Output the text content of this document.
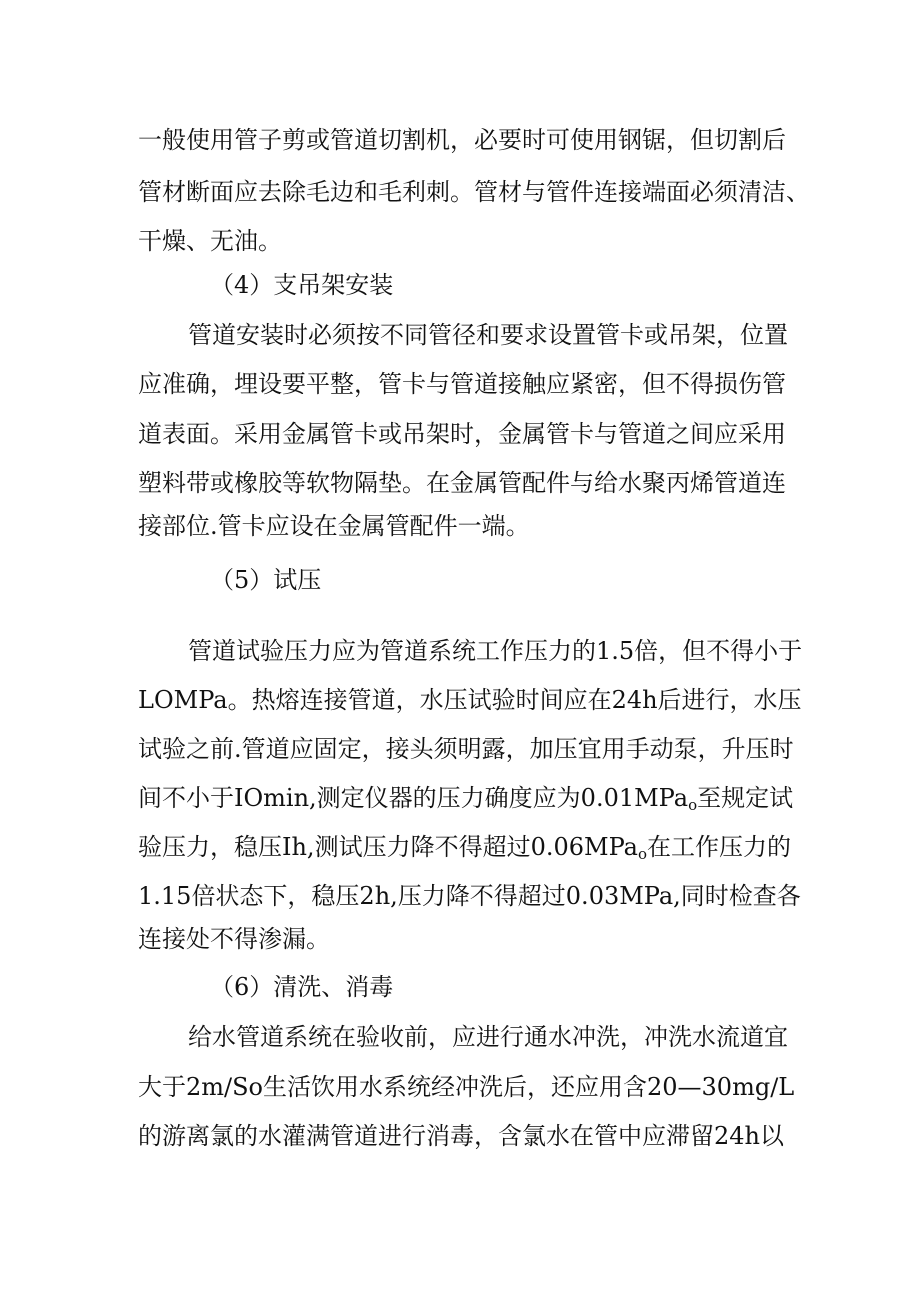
一般使用管子剪或管道切割机，必要时可使用钢锯，但切割后

管材断面应去除毛边和毛利刺。管材与管件连接端面必须清洁、

干燥、无油。

（4）支吊架安装

管道安装时必须按不同管径和要求设置管卡或吊架，位置

应准确，埋设要平整，管卡与管道接触应紧密，但不得损伤管

道表面。采用金属管卡或吊架时，金属管卡与管道之间应采用

塑料带或橡胶等软物隔垫。在金属管配件与给水聚丙烯管道连

接部位.管卡应设在金属管配件一端。

（5）试压

管道试验压力应为管道系统工作压力的1.5倍，但不得小于

LOMPa。热熔连接管道，水压试验时间应在24h后进行，水压

试验之前.管道应固定，接头须明露，加压宜用手动泵，升压时

间不小于IOmin,测定仪器的压力确度应为0.01MPa$_o$至规定试

验压力，稳压Ih,测试压力降不得超过0.06MPa$_o$在工作压力的

1.15倍状态下，稳压2h,压力降不得超过0.03MPa,同时检查各

连接处不得渗漏。

（6）清洗、消毒

给水管道系统在验收前，应进行通水冲洗，冲洗水流道宜

大于2m∕So生活饮用水系统经冲洗后，还应用含20—30mg∕L

的游离氯的水灌满管道进行消毒，含氯水在管中应滞留24h以
